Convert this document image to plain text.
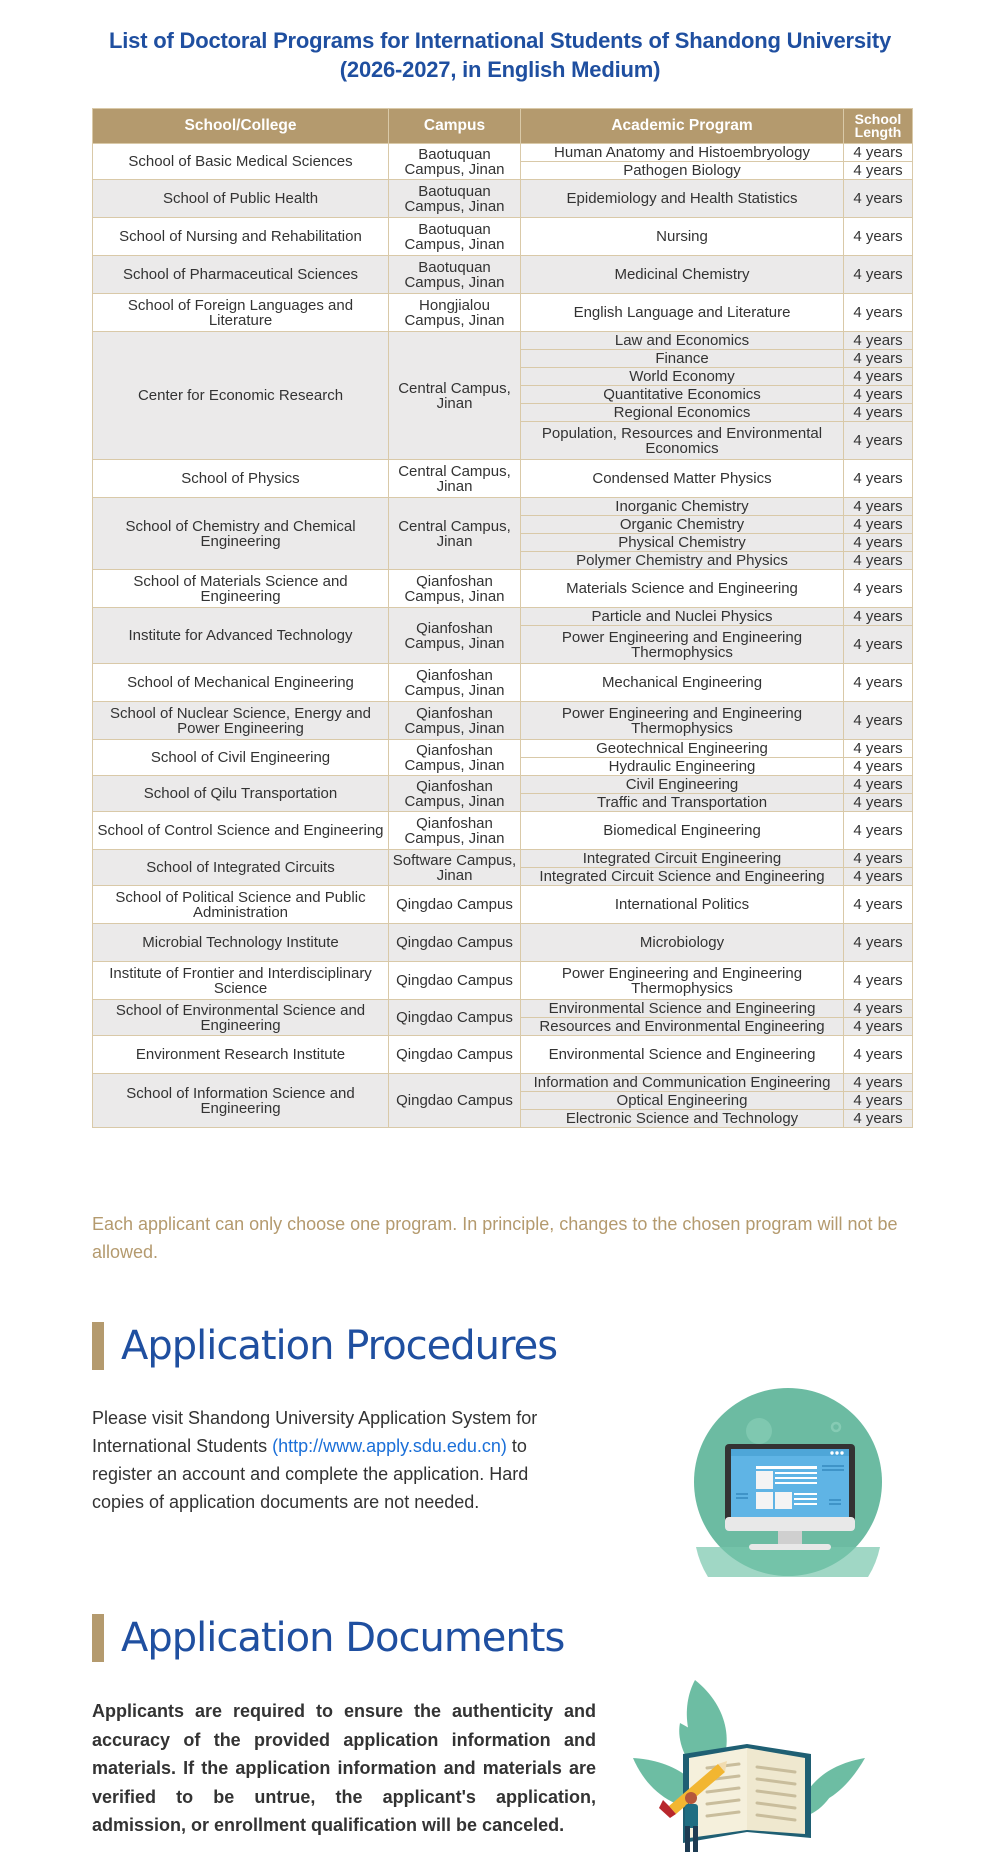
List of Doctoral Programs for International Students of Shandong University
(2026-2027, in English Medium)
School/College	Campus	Academic Program	School
Length
School of Basic Medical Sciences	Baotuquan Campus, Jinan	Human Anatomy and Histoembryology	4 years
		Pathogen Biology	4 years
School of Public Health	Baotuquan Campus, Jinan	Epidemiology and Health Statistics	4 years
School of Nursing and Rehabilitation	Baotuquan Campus, Jinan	Nursing	4 years
School of Pharmaceutical Sciences	Baotuquan Campus, Jinan	Medicinal Chemistry	4 years
School of Foreign Languages and Literature	Hongjialou Campus, Jinan	English Language and Literature	4 years
Center for Economic Research	Central Campus, Jinan	Law and Economics	4 years
		Finance	4 years
		World Economy	4 years
		Quantitative Economics	4 years
		Regional Economics	4 years
		Population, Resources and Environmental Economics	4 years
School of Physics	Central Campus, Jinan	Condensed Matter Physics	4 years
School of Chemistry and Chemical Engineering	Central Campus, Jinan	Inorganic Chemistry	4 years
		Organic Chemistry	4 years
		Physical Chemistry	4 years
		Polymer Chemistry and Physics	4 years
School of Materials Science and Engineering	Qianfoshan Campus, Jinan	Materials Science and Engineering	4 years
Institute for Advanced Technology	Qianfoshan Campus, Jinan	Particle and Nuclei Physics	4 years
		Power Engineering and Engineering Thermophysics	4 years
School of Mechanical Engineering	Qianfoshan Campus, Jinan	Mechanical Engineering	4 years
School of Nuclear Science, Energy and Power Engineering	Qianfoshan Campus, Jinan	Power Engineering and Engineering Thermophysics	4 years
School of Civil Engineering	Qianfoshan Campus, Jinan	Geotechnical Engineering	4 years
		Hydraulic Engineering	4 years
School of Qilu Transportation	Qianfoshan Campus, Jinan	Civil Engineering	4 years
		Traffic and Transportation	4 years
School of Control Science and Engineering	Qianfoshan Campus, Jinan	Biomedical Engineering	4 years
School of Integrated Circuits	Software Campus, Jinan	Integrated Circuit Engineering	4 years
		Integrated Circuit Science and Engineering	4 years
School of Political Science and Public Administration	Qingdao Campus	International Politics	4 years
Microbial Technology Institute	Qingdao Campus	Microbiology	4 years
Institute of Frontier and Interdisciplinary Science	Qingdao Campus	Power Engineering and Engineering Thermophysics	4 years
School of Environmental Science and Engineering	Qingdao Campus	Environmental Science and Engineering	4 years
		Resources and Environmental Engineering	4 years
Environment Research Institute	Qingdao Campus	Environmental Science and Engineering	4 years
School of Information Science and Engineering	Qingdao Campus	Information and Communication Engineering	4 years
		Optical Engineering	4 years
		Electronic Science and Technology	4 years
Each applicant can only choose one program. In principle, changes to the chosen program will not be allowed.
Application Procedures
Please visit Shandong University Application System for International Students (http://www.apply.sdu.edu.cn) to register an account and complete the application. Hard copies of application documents are not needed.
Application Documents
Applicants are required to ensure the authenticity and accuracy of the provided application information and materials. If the application information and materials are verified to be untrue, the applicant's application, admission, or enrollment qualification will be canceled.
